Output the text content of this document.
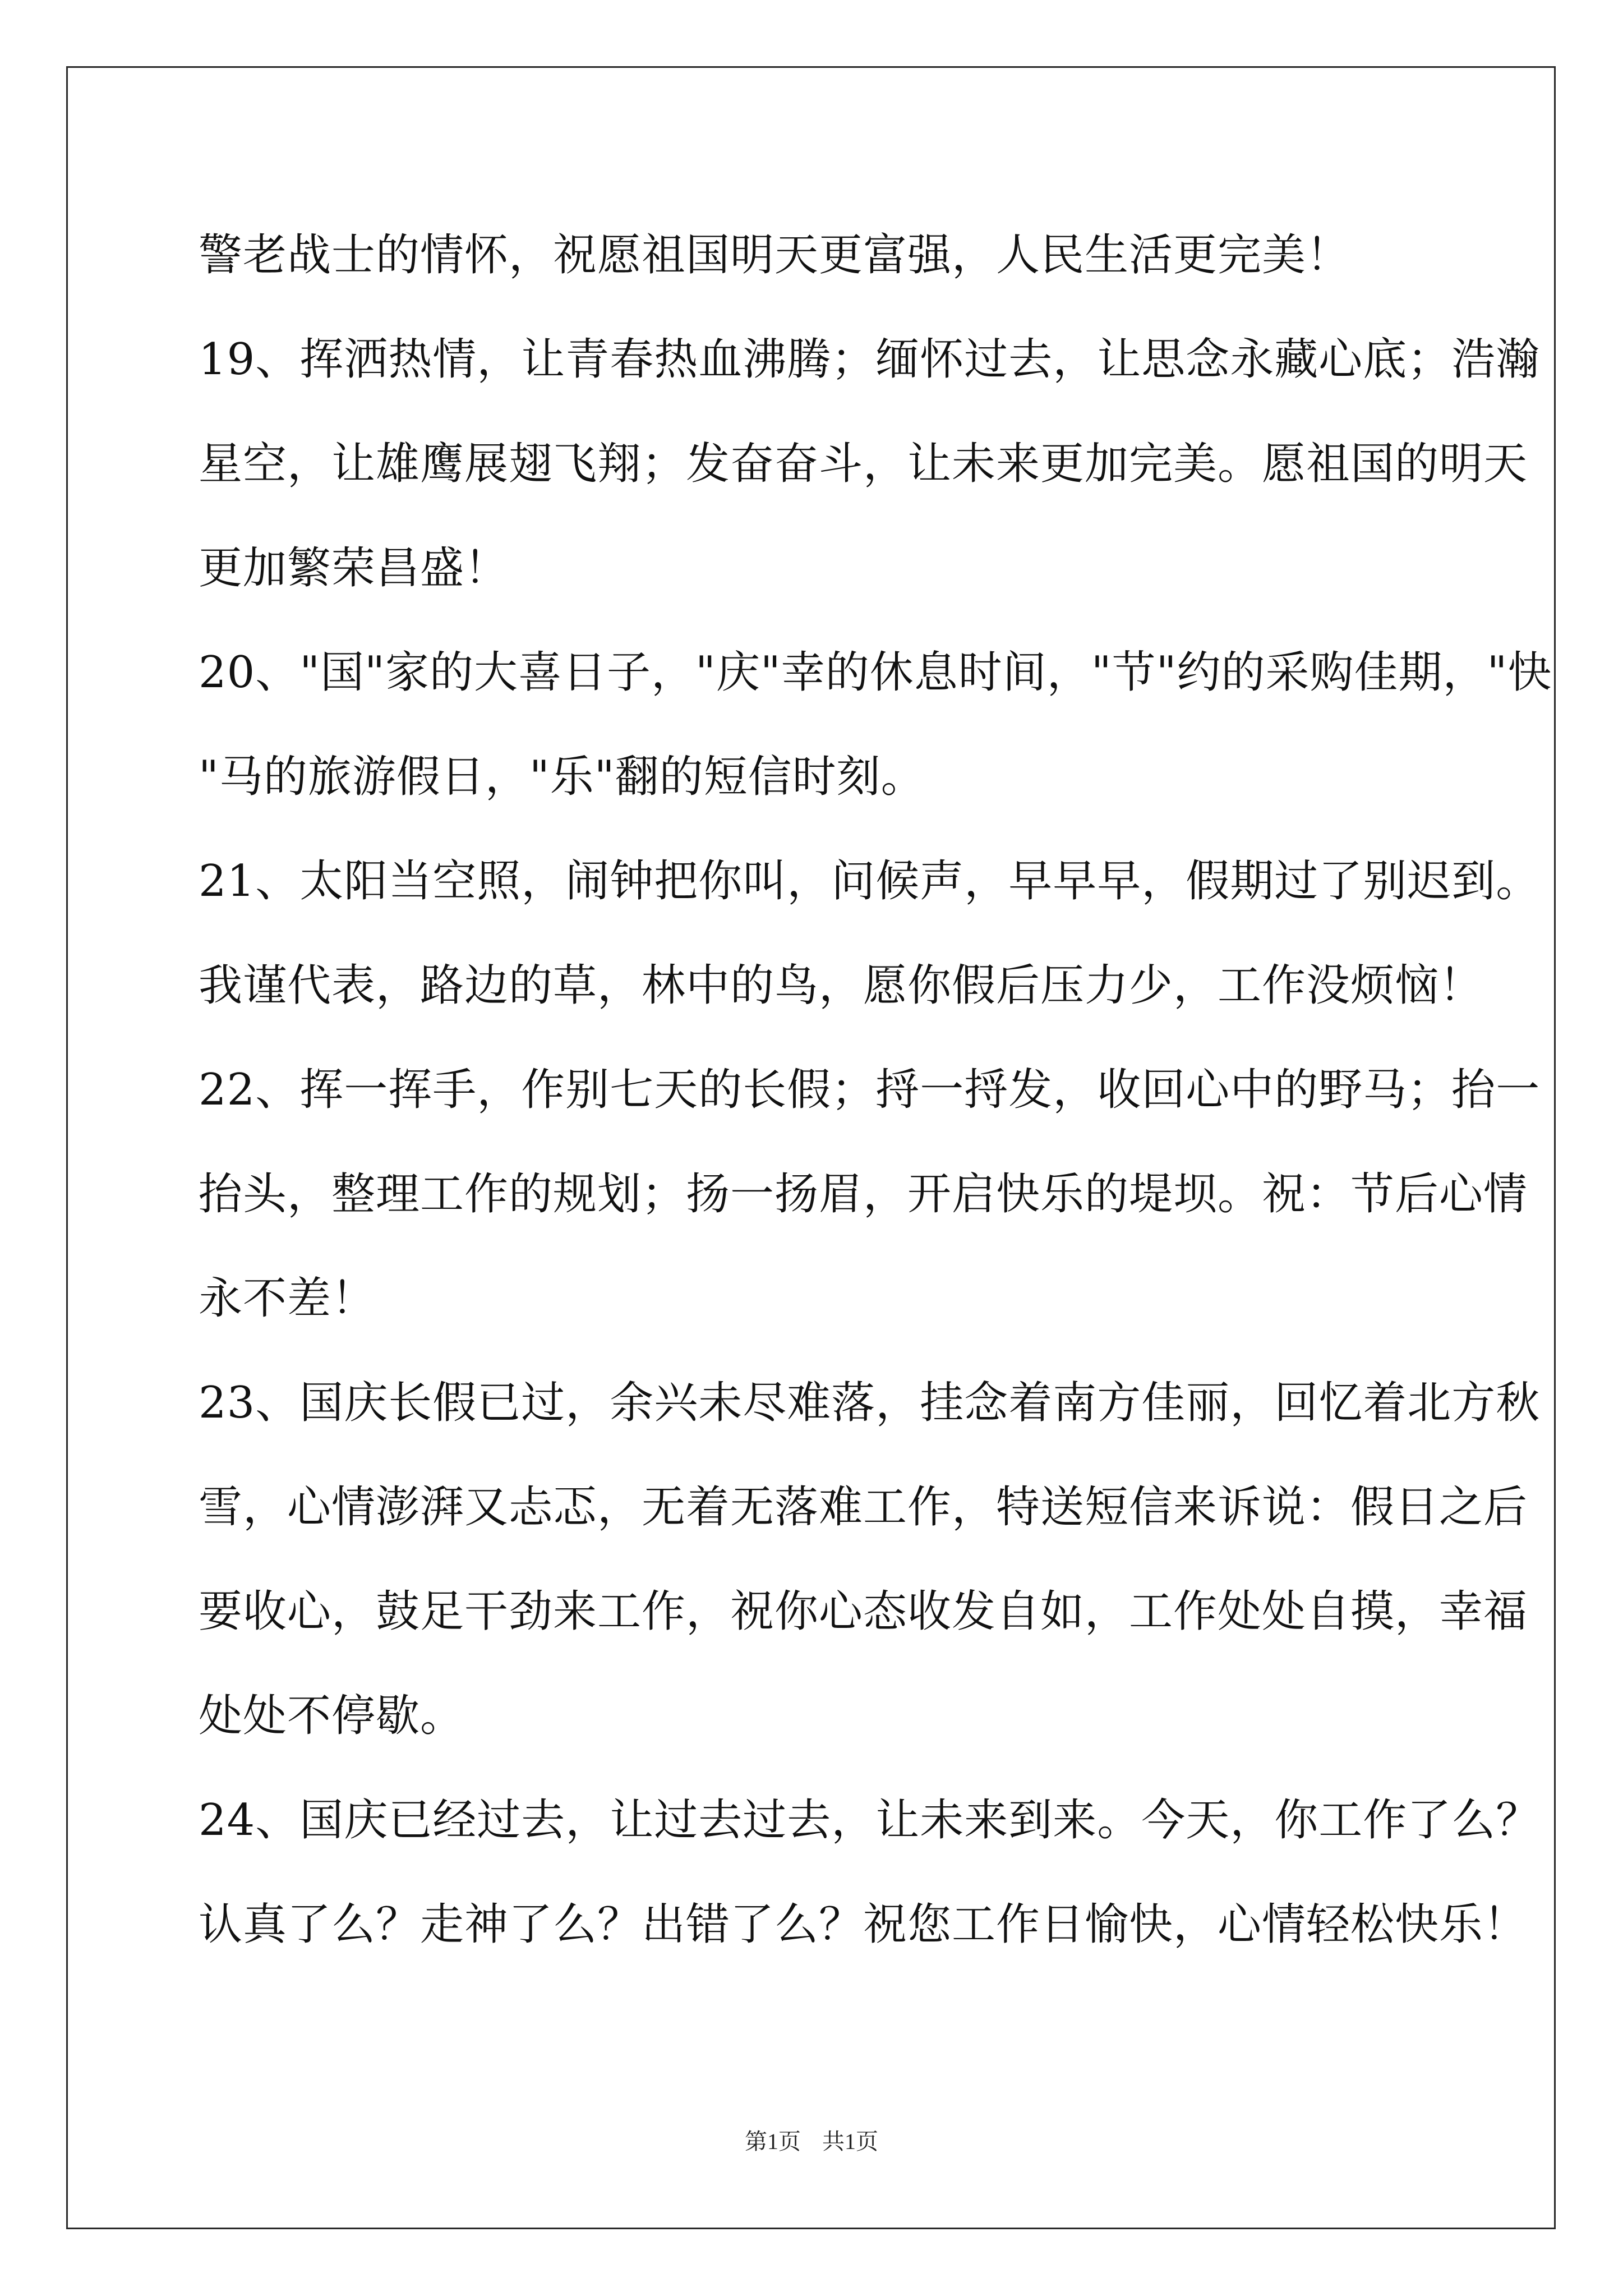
警老战士的情怀，祝愿祖国明天更富强，人民生活更完美！
19、挥洒热情，让青春热血沸腾；缅怀过去，让思念永藏心底；浩瀚
星空，让雄鹰展翅飞翔；发奋奋斗，让未来更加完美。愿祖国的明天
更加繁荣昌盛！
20、"国"家的大喜日子，"庆"幸的休息时间，"节"约的采购佳期，"快
"马的旅游假日，"乐"翻的短信时刻。
21、太阳当空照，闹钟把你叫，问候声，早早早，假期过了别迟到。
我谨代表，路边的草，林中的鸟，愿你假后压力少，工作没烦恼！
22、挥一挥手，作别七天的长假；捋一捋发，收回心中的野马；抬一
抬头，整理工作的规划；扬一扬眉，开启快乐的堤坝。祝：节后心情
永不差！
23、国庆长假已过，余兴未尽难落，挂念着南方佳丽，回忆着北方秋
雪，心情澎湃又忐忑，无着无落难工作，特送短信来诉说：假日之后
要收心，鼓足干劲来工作，祝你心态收发自如，工作处处自摸，幸福
处处不停歇。
24、国庆已经过去，让过去过去，让未来到来。今天，你工作了么？
认真了么？走神了么？出错了么？祝您工作日愉快，心情轻松快乐！
第1页 共1页
